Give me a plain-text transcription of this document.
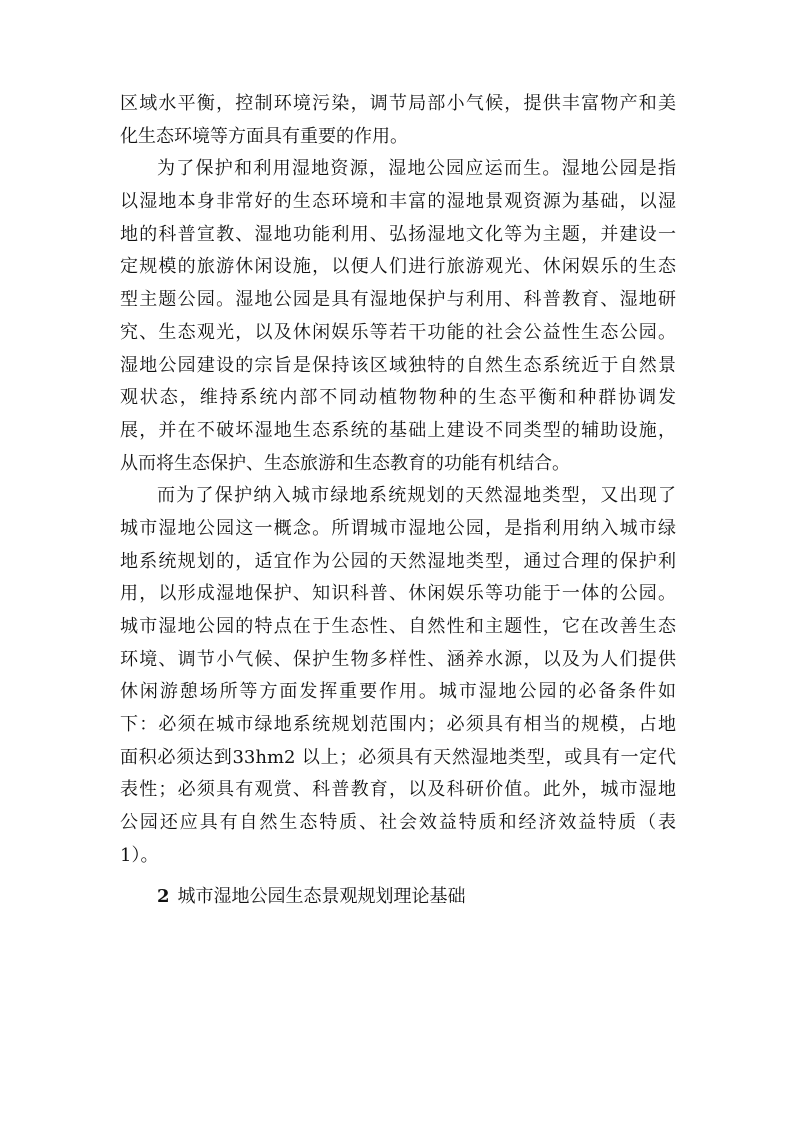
区域水平衡，控制环境污染，调节局部小气候，提供丰富物产和美
化生态环境等方面具有重要的作用。
为了保护和利用湿地资源，湿地公园应运而生。湿地公园是指
以湿地本身非常好的生态环境和丰富的湿地景观资源为基础，以湿
地的科普宣教、湿地功能利用、弘扬湿地文化等为主题，并建设一
定规模的旅游休闲设施，以便人们进行旅游观光、休闲娱乐的生态
型主题公园。湿地公园是具有湿地保护与利用、科普教育、湿地研
究、生态观光，以及休闲娱乐等若干功能的社会公益性生态公园。
湿地公园建设的宗旨是保持该区域独特的自然生态系统近于自然景
观状态，维持系统内部不同动植物物种的生态平衡和种群协调发
展，并在不破坏湿地生态系统的基础上建设不同类型的辅助设施，
从而将生态保护、生态旅游和生态教育的功能有机结合。
而为了保护纳入城市绿地系统规划的天然湿地类型，又出现了
城市湿地公园这一概念。所谓城市湿地公园，是指利用纳入城市绿
地系统规划的，适宜作为公园的天然湿地类型，通过合理的保护利
用，以形成湿地保护、知识科普、休闲娱乐等功能于一体的公园。
城市湿地公园的特点在于生态性、自然性和主题性，它在改善生态
环境、调节小气候、保护生物多样性、涵养水源，以及为人们提供
休闲游憩场所等方面发挥重要作用。城市湿地公园的必备条件如
下：必须在城市绿地系统规划范围内；必须具有相当的规模，占地
面积必须达到33hm2 以上；必须具有天然湿地类型，或具有一定代
表性；必须具有观赏、科普教育，以及科研价值。此外，城市湿地
公园还应具有自然生态特质、社会效益特质和经济效益特质（表
1）。
2 城市湿地公园生态景观规划理论基础
